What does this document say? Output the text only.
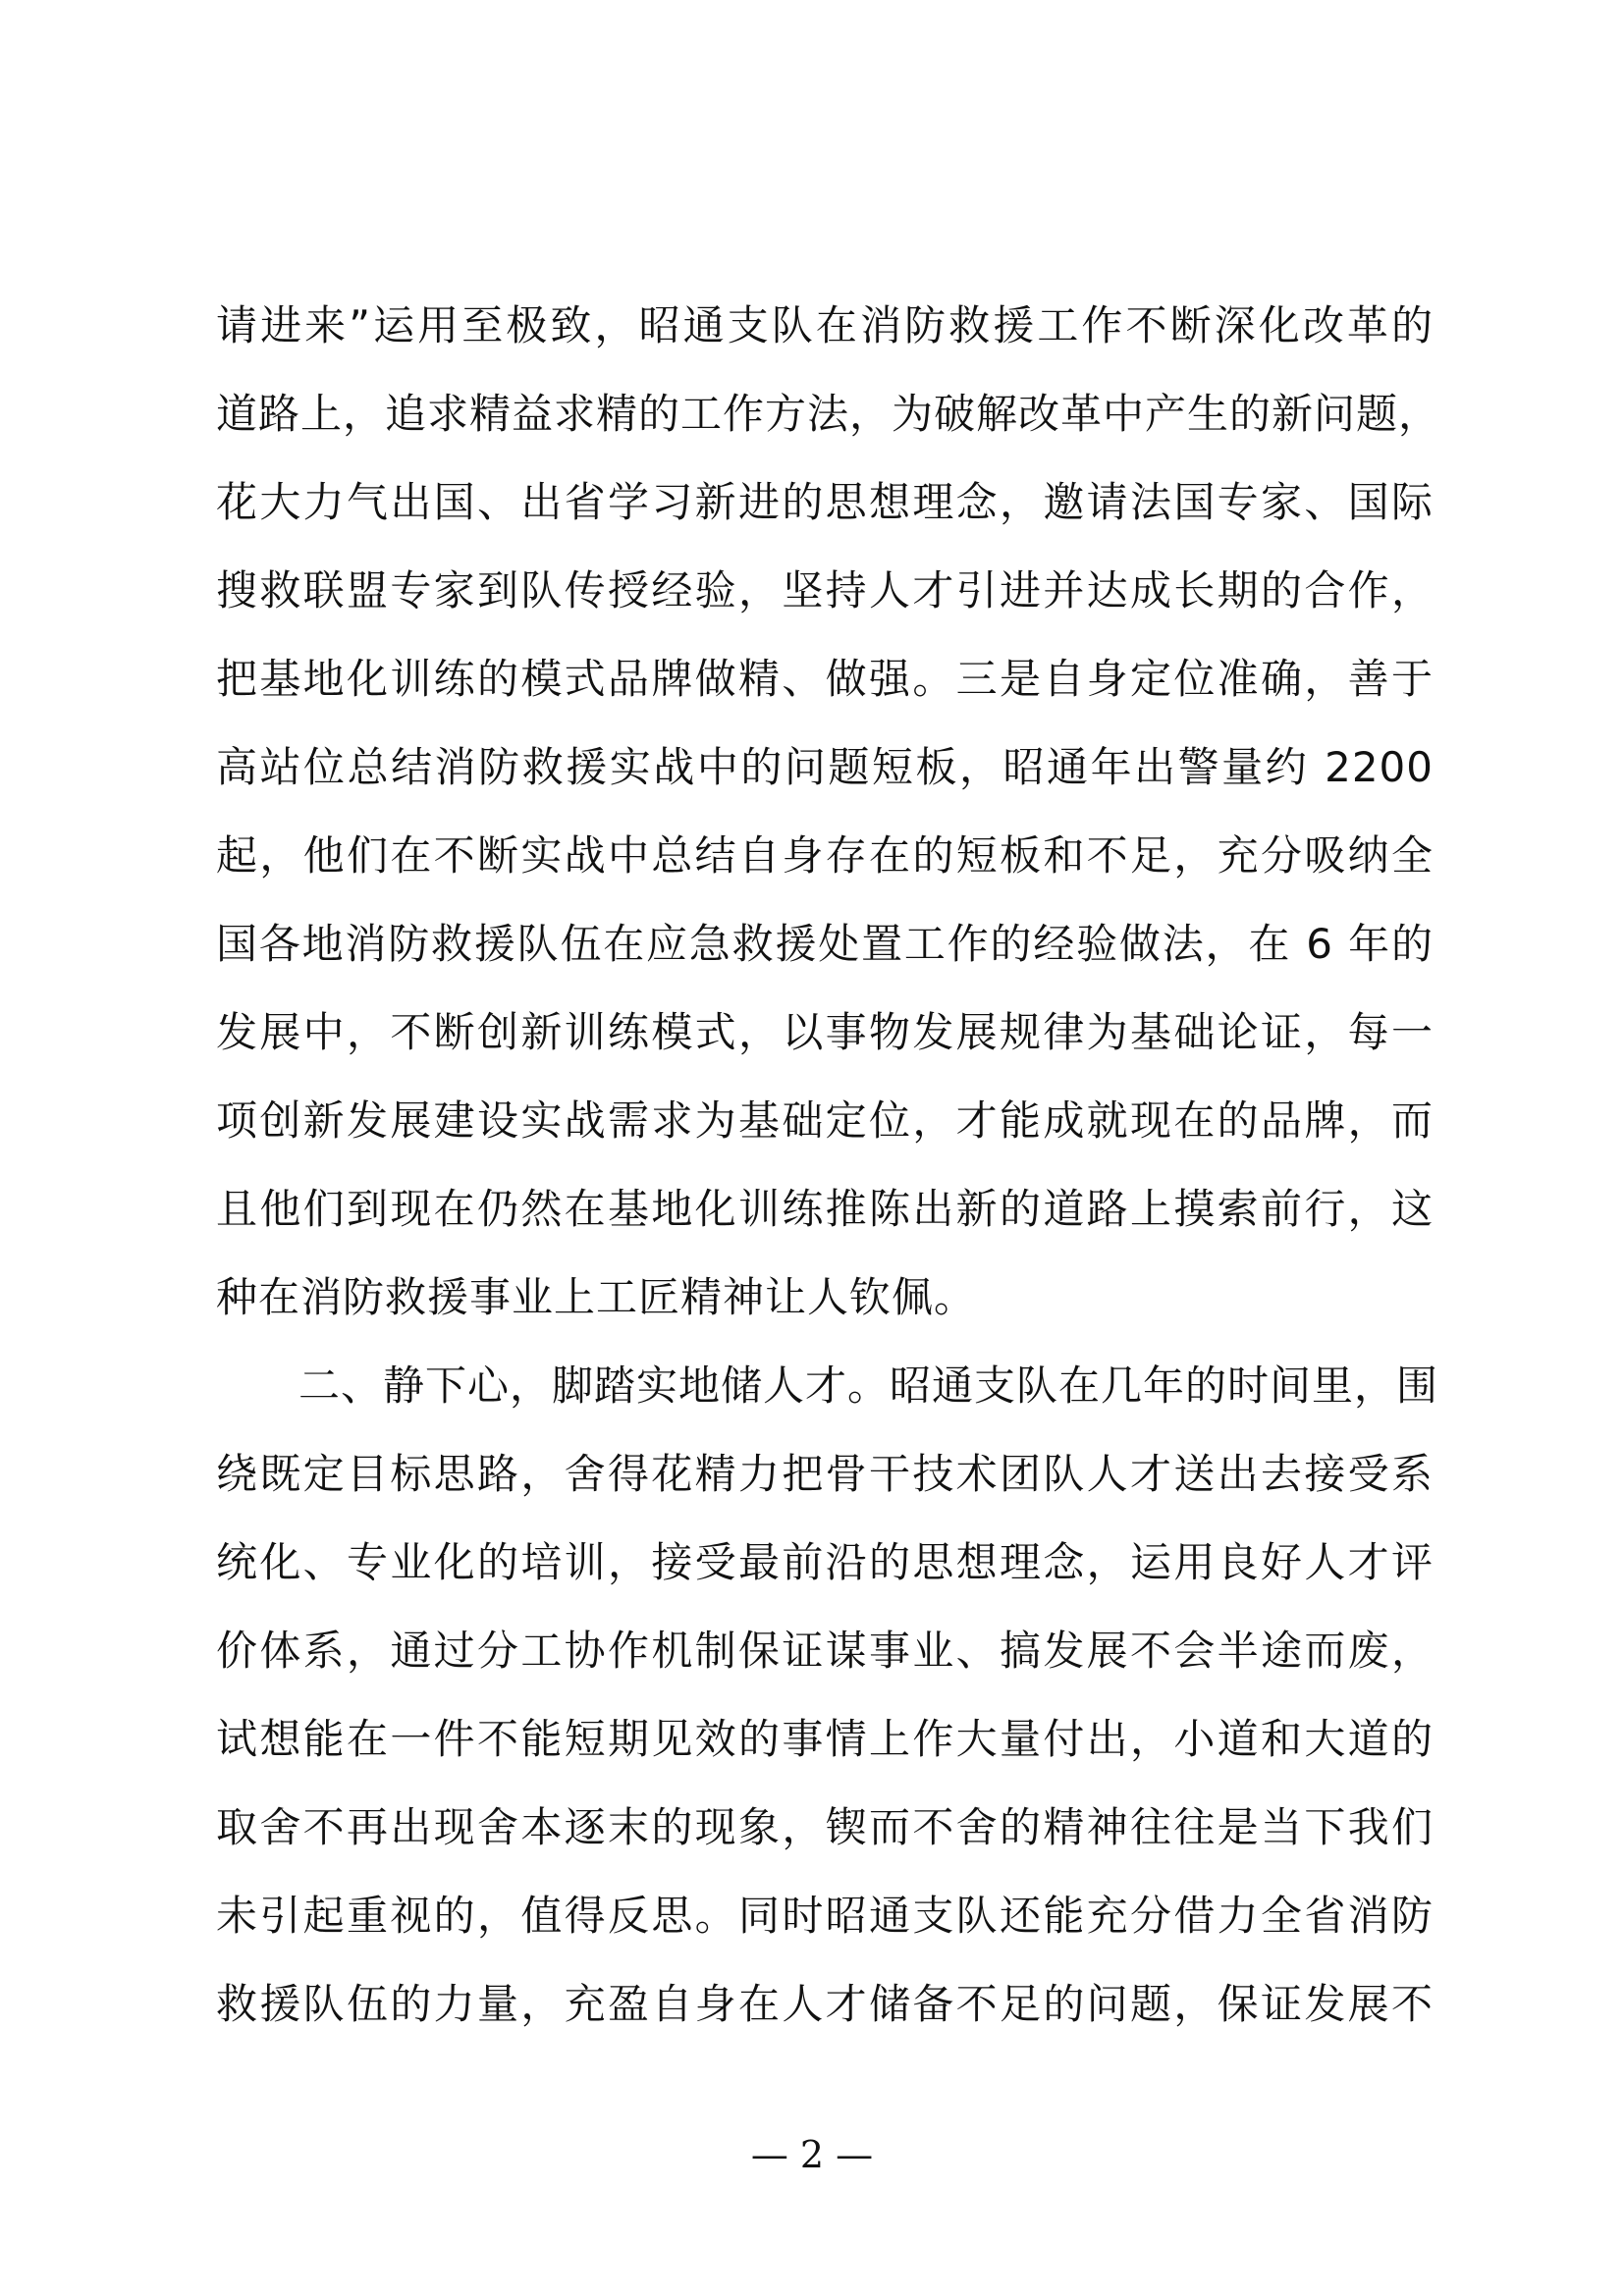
请进来”运用至极致，昭通支队在消防救援工作不断深化改革的
道路上，追求精益求精的工作方法，为破解改革中产生的新问题，
花大力气出国、出省学习新进的思想理念，邀请法国专家、国际
搜救联盟专家到队传授经验，坚持人才引进并达成长期的合作，
把基地化训练的模式品牌做精、做强。三是自身定位准确，善于
高站位总结消防救援实战中的问题短板，昭通年出警量约 2200
起，他们在不断实战中总结自身存在的短板和不足，充分吸纳全
国各地消防救援队伍在应急救援处置工作的经验做法，在 6 年的
发展中，不断创新训练模式，以事物发展规律为基础论证，每一
项创新发展建设实战需求为基础定位，才能成就现在的品牌，而
且他们到现在仍然在基地化训练推陈出新的道路上摸索前行，这
种在消防救援事业上工匠精神让人钦佩。
二、静下心，脚踏实地储人才。昭通支队在几年的时间里，围
绕既定目标思路，舍得花精力把骨干技术团队人才送出去接受系
统化、专业化的培训，接受最前沿的思想理念，运用良好人才评
价体系，通过分工协作机制保证谋事业、搞发展不会半途而废，
试想能在一件不能短期见效的事情上作大量付出，小道和大道的
取舍不再出现舍本逐末的现象，锲而不舍的精神往往是当下我们
未引起重视的，值得反思。同时昭通支队还能充分借力全省消防
救援队伍的力量，充盈自身在人才储备不足的问题，保证发展不
— 2 —
